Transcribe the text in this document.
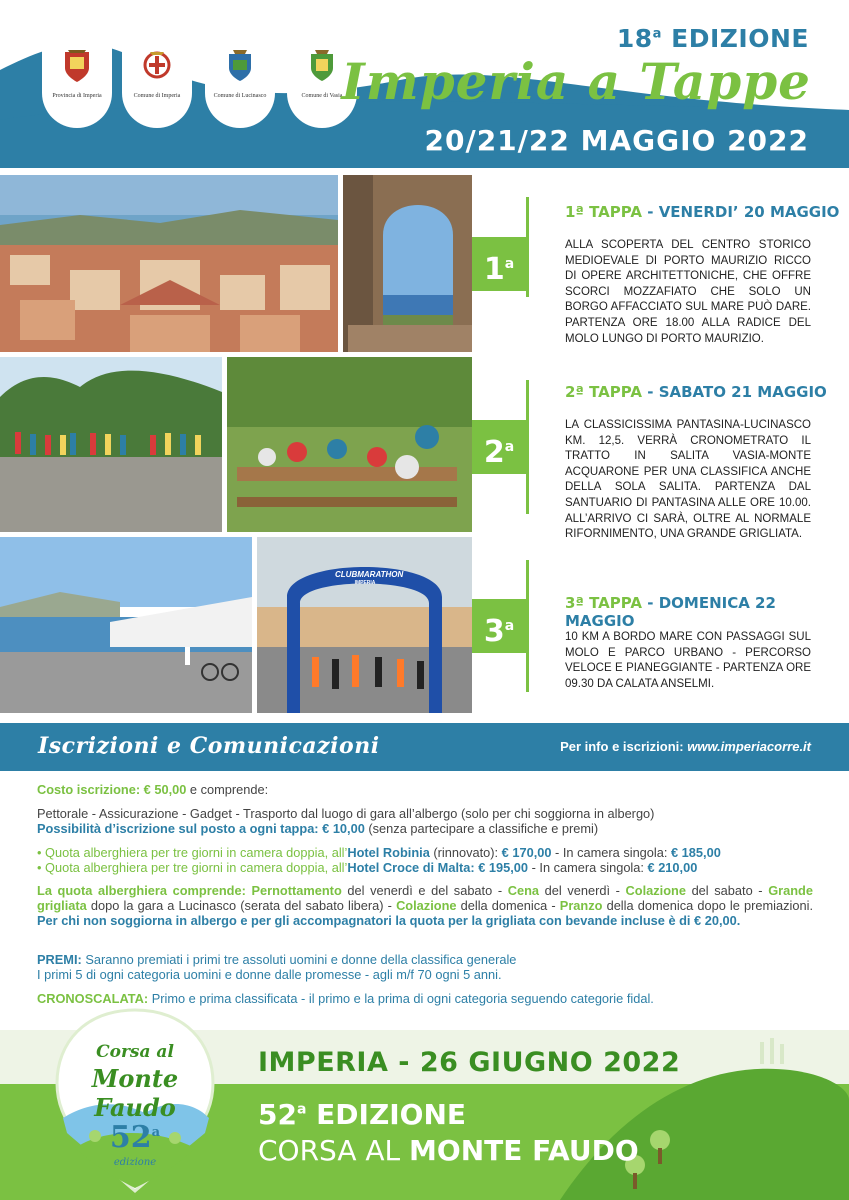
Provincia di Imperia	Comune di Imperia	Comune di Lucinasco	Comune di Vasia
18$^a$ EDIZIONE
Imperia a Tappe
20/21/22 MAGGIO 2022
CLUBMARATHON
IMPERIA
1$^a$
1ª TAPPA - VENERDI’ 20 MAGGIO
ALLA SCOPERTA DEL CENTRO STORICO MEDIOEVALE DI PORTO MAURIZIO RICCO DI OPERE ARCHITETTONICHE, CHE OFFRE SCORCI MOZZAFIATO CHE SOLO UN BORGO AFFACCIATO SUL MARE PUÒ DARE. PARTENZA ORE 18.00 ALLA RADICE DEL MOLO LUNGO DI PORTO MAURIZIO.
2$^a$
2ª TAPPA - SABATO 21 MAGGIO
LA CLASSICISSIMA PANTASINA-LUCINASCO KM. 12,5. VERRÀ CRONOMETRATO IL TRATTO IN SALITA VASIA-MONTE ACQUARONE PER UNA CLASSIFICA ANCHE DELLA SOLA SALITA. PARTENZA DAL SANTUARIO DI PANTASINA ALLE ORE 10.00. ALL’ARRIVO CI SARÀ, OLTRE AL NORMALE RIFORNIMENTO, UNA GRANDE GRIGLIATA.
3$^a$
3ª TAPPA - DOMENICA 22 MAGGIO
10 KM A BORDO MARE CON PASSAGGI SUL MOLO E PARCO URBANO - PERCORSO VELOCE E PIANEGGIANTE - PARTENZA ORE 09.30 DA CALATA ANSELMI.
Iscrizioni e Comunicazioni	Per info e iscrizioni: www.imperiacorre.it
Costo iscrizione: € 50,00 e comprende:
Pettorale - Assicurazione - Gadget - Trasporto dal luogo di gara all’albergo (solo per chi soggiorna in albergo)
Possibilità d’iscrizione sul posto a ogni tappa: € 10,00 (senza partecipare a classifiche e premi)
• Quota alberghiera per tre giorni in camera doppia, all’Hotel Robinia (rinnovato): € 170,00 - In camera singola: € 185,00
• Quota alberghiera per tre giorni in camera doppia, all’Hotel Croce di Malta: € 195,00 - In camera singola: € 210,00
La quota alberghiera comprende: Pernottamento del venerdì e del sabato - Cena del venerdì - Colazione del sabato - Grande grigliata dopo la gara a Lucinasco (serata del sabato libera) - Colazione della domenica - Pranzo della domenica dopo le premiazioni. Per chi non soggiorna in albergo e per gli accompagnatori la quota per la grigliata con bevande incluse è di € 20,00.
PREMI: Saranno premiati i primi tre assoluti uomini e donne della classifica generale
I primi 5 di ogni categoria uomini e donne dalle promesse - agli m/f 70 ogni 5 anni.
CRONOSCALATA: Primo e prima classificata - il primo e la prima di ogni categoria seguendo categorie fidal.
IMPERIA - 26 GIUGNO 2022
52$^a$ EDIZIONE
CORSA AL MONTE FAUDO
Corsa al
Monte Faudo
52$^a$
edizione
